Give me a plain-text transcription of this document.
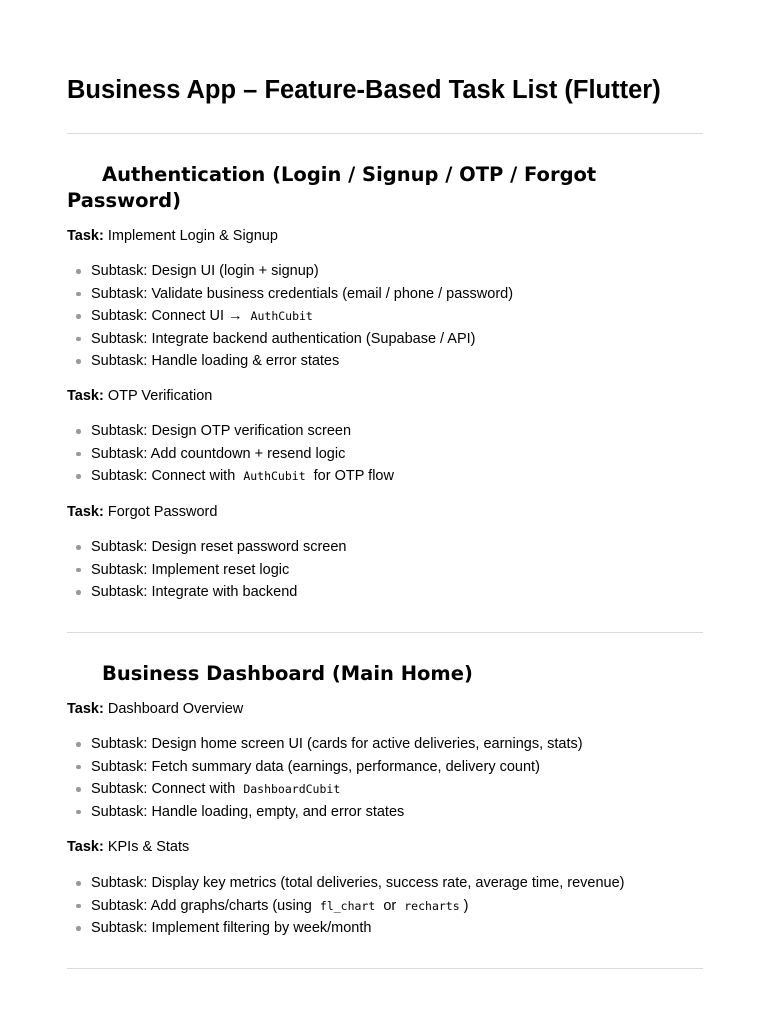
Business App – Feature-Based Task List (Flutter)
Authentication (Login / Signup / OTP / Forgot Password)

Task: Implement Login & Signup

Subtask: Design UI (login + signup)
Subtask: Validate business credentials (email / phone / password)
Subtask: Connect UI → AuthCubit
Subtask: Integrate backend authentication (Supabase / API)
Subtask: Handle loading & error states

Task: OTP Verification

Subtask: Design OTP verification screen
Subtask: Add countdown + resend logic
Subtask: Connect with AuthCubit for OTP flow

Task: Forgot Password

Subtask: Design reset password screen
Subtask: Implement reset logic
Subtask: Integrate with backend
Business Dashboard (Main Home)

Task: Dashboard Overview

Subtask: Design home screen UI (cards for active deliveries, earnings, stats)
Subtask: Fetch summary data (earnings, performance, delivery count)
Subtask: Connect with DashboardCubit
Subtask: Handle loading, empty, and error states

Task: KPIs & Stats

Subtask: Display key metrics (total deliveries, success rate, average time, revenue)
Subtask: Add graphs/charts (using fl_chart or recharts )
Subtask: Implement filtering by week/month
